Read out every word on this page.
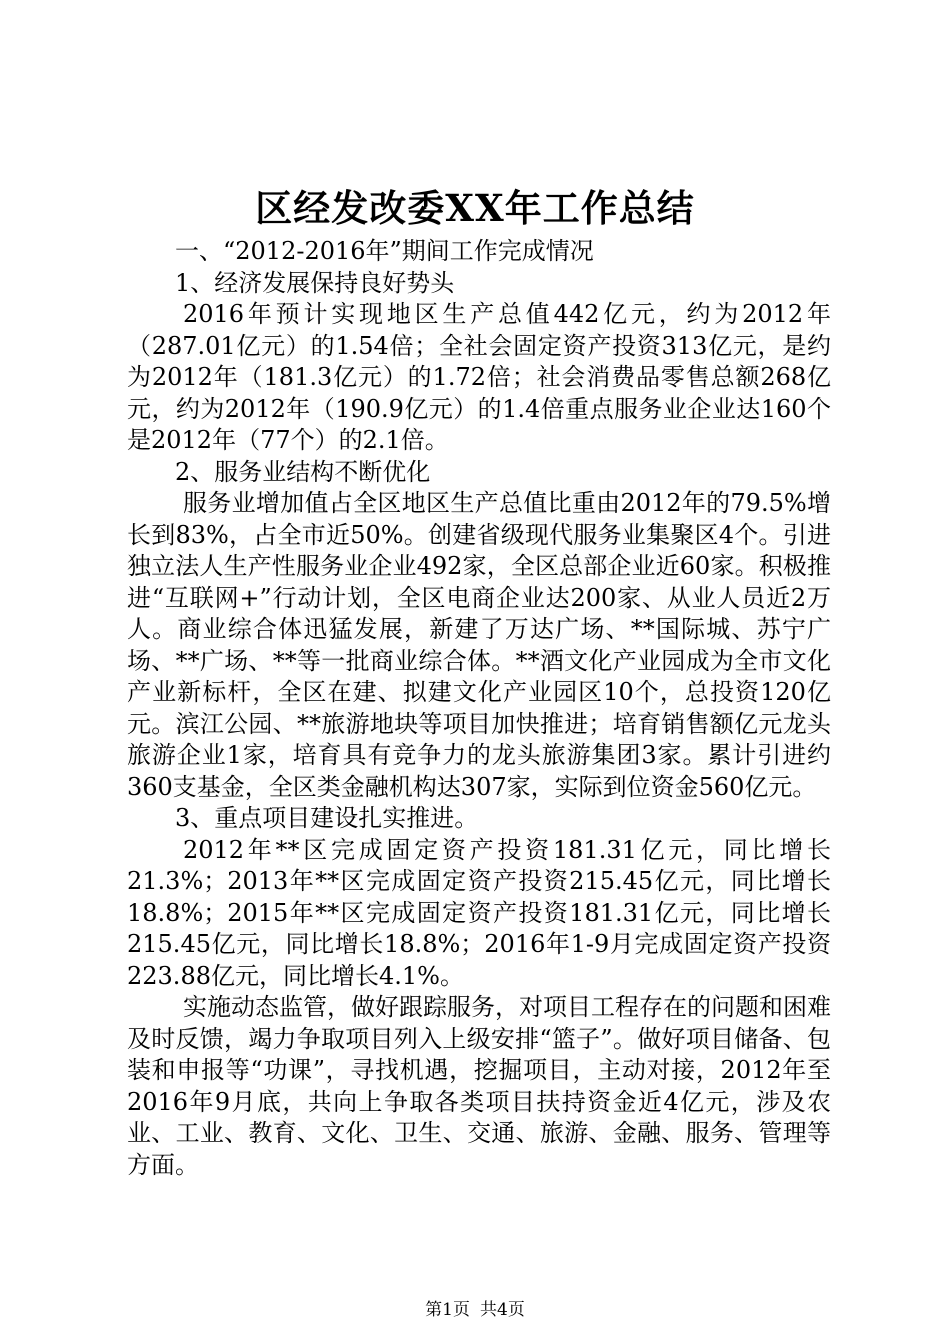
区经发改委XX年工作总结

一、“2012-2016年”期间工作完成情况

1、经济发展保持良好势头

2016年预计实现地区生产总值442亿元，约为2012年（287.01亿元）的1.54倍；全社会固定资产投资313亿元，是约为2012年（181.3亿元）的1.72倍；社会消费品零售总额268亿元，约为2012年（190.9亿元）的1.4倍重点服务业企业达160个是2012年（77个）的2.1倍。

2、服务业结构不断优化

服务业增加值占全区地区生产总值比重由2012年的79.5%增长到83%，占全市近50%。创建省级现代服务业集聚区4个。引进独立法人生产性服务业企业492家，全区总部企业近60家。积极推进“互联网+”行动计划，全区电商企业达200家、从业人员近2万人。商业综合体迅猛发展，新建了万达广场、**国际城、苏宁广场、**广场、**等一批商业综合体。**酒文化产业园成为全市文化产业新标杆，全区在建、拟建文化产业园区10个，总投资120亿元。滨江公园、**旅游地块等项目加快推进；培育销售额亿元龙头旅游企业1家，培育具有竞争力的龙头旅游集团3家。累计引进约360支基金，全区类金融机构达307家，实际到位资金560亿元。

3、重点项目建设扎实推进。

2012年**区完成固定资产投资181.31亿元，同比增长21.3%；2013年**区完成固定资产投资215.45亿元，同比增长18.8%；2015年**区完成固定资产投资181.31亿元，同比增长215.45亿元，同比增长18.8%；2016年1-9月完成固定资产投资223.88亿元，同比增长4.1%。

实施动态监管，做好跟踪服务，对项目工程存在的问题和困难及时反馈，竭力争取项目列入上级安排“篮子”。做好项目储备、包装和申报等“功课”，寻找机遇，挖掘项目，主动对接，2012年至2016年9月底，共向上争取各类项目扶持资金近4亿元，涉及农业、工业、教育、文化、卫生、交通、旅游、金融、服务、管理等方面。

第1页 共4页
